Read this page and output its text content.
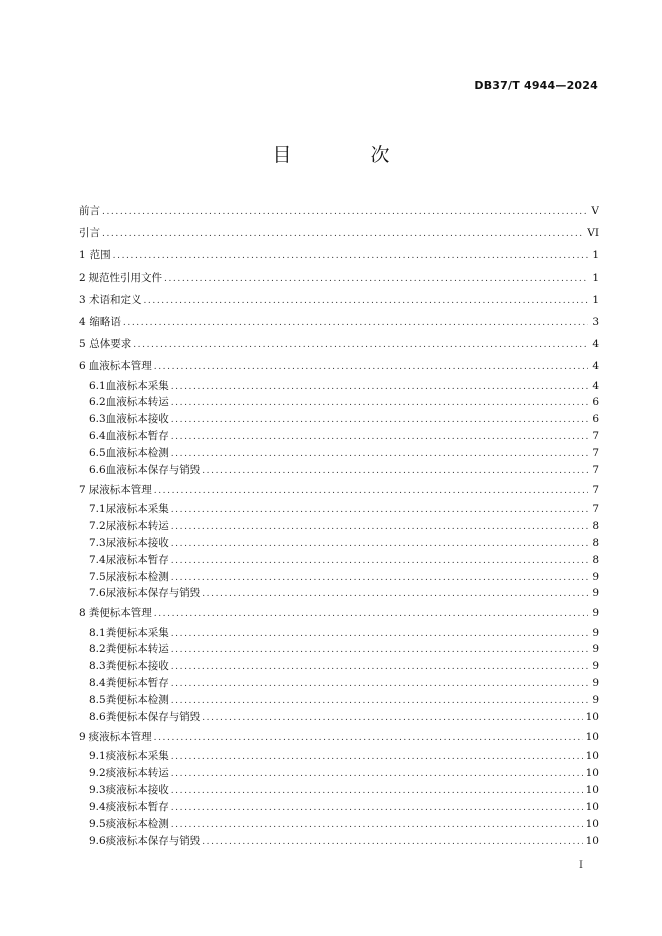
DB37/T 4944—2024
目　次
前言 .....	V
引言 .....	VI
1 范围 .....	1
2 规范性引用文件 .....	1
3 术语和定义 .....	1
4 缩略语 .....	3
5 总体要求 .....	4
6 血液标本管理 .....	4
6.1 血液标本采集 .....	4
6.2 血液标本转运 .....	6
6.3 血液标本接收 .....	6
6.4 血液标本暂存 .....	7
6.5 血液标本检测 .....	7
6.6 血液标本保存与销毁 .....	7
7 尿液标本管理 .....	7
7.1 尿液标本采集 .....	7
7.2 尿液标本转运 .....	8
7.3 尿液标本接收 .....	8
7.4 尿液标本暂存 .....	8
7.5 尿液标本检测 .....	9
7.6 尿液标本保存与销毁 .....	9
8 粪便标本管理 .....	9
8.1 粪便标本采集 .....	9
8.2 粪便标本转运 .....	9
8.3 粪便标本接收 .....	9
8.4 粪便标本暂存 .....	9
8.5 粪便标本检测 .....	9
8.6 粪便标本保存与销毁 .....	10
9 痰液标本管理 .....	10
9.1 痰液标本采集 .....	10
9.2 痰液标本转运 .....	10
9.3 痰液标本接收 .....	10
9.4 痰液标本暂存 .....	10
9.5 痰液标本检测 .....	10
9.6 痰液标本保存与销毁 .....	10
I
